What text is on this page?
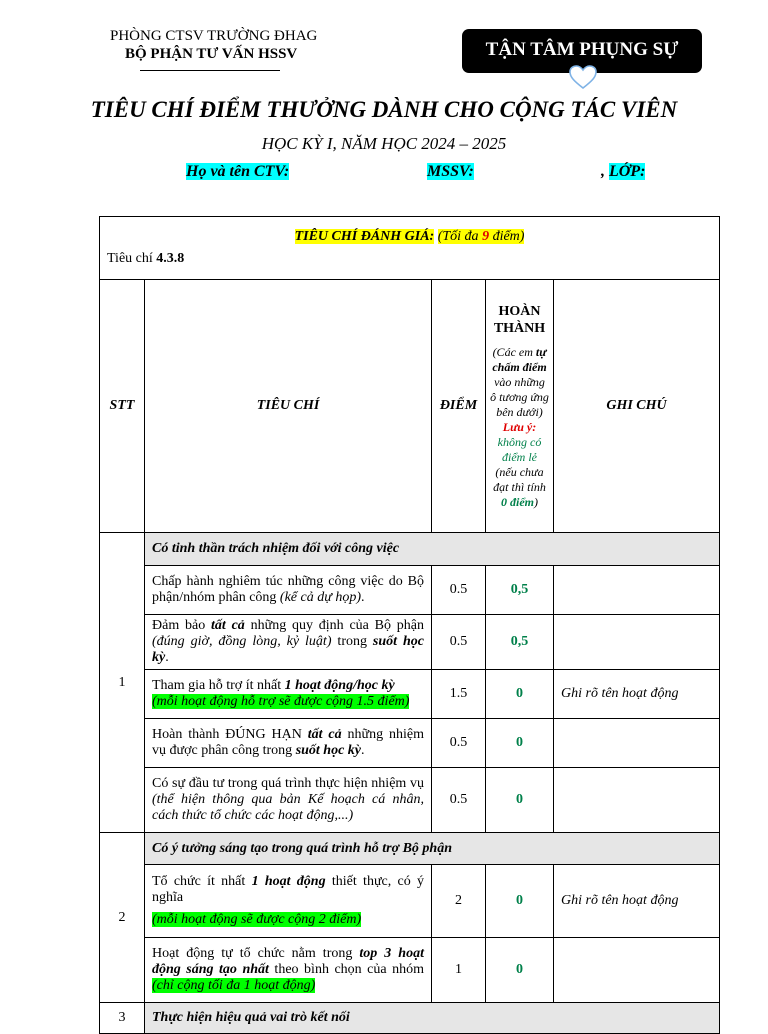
PHÒNG CTSV TRƯỜNG ĐHAG
BỘ PHẬN TƯ VẤN HSSV	TẬN TÂM PHỤNG SỰ
TIÊU CHÍ ĐIỂM THƯỞNG DÀNH CHO CỘNG TÁC VIÊN
HỌC KỲ I, NĂM HỌC 2024 – 2025
Họ và tên CTV:	MSSV:	, LỚP:
TIÊU CHÍ ĐÁNH GIÁ: (Tối đa 9 điểm)
Tiêu chí 4.3.8				

STT	TIÊU CHÍ	ĐIỂM	HOÀN THÀNH
(Các em tự chấm điểm vào những ô tương ứng bên dưới)
Lưu ý:
không có điểm lẻ
(nếu chưa đạt thì tính 0 điểm)	GHI CHÚ
1	Có tinh thần trách nhiệm đối với công việc			
	Chấp hành nghiêm túc những công việc do Bộ phận/nhóm phân công (kể cả dự họp).	0.5	0,5	
	Đảm bảo tất cả những quy định của Bộ phận (đúng giờ, đồng lòng, kỷ luật) trong suốt học kỳ.	0.5	0,5	
	Tham gia hỗ trợ ít nhất 1 hoạt động/học kỳ
(mỗi hoạt động hỗ trợ sẽ được cộng 1.5 điểm)	1.5	0	Ghi rõ tên hoạt động
	Hoàn thành ĐÚNG HẠN tất cả những nhiệm vụ được phân công trong suốt học kỳ.	0.5	0	
	Có sự đầu tư trong quá trình thực hiện nhiệm vụ (thể hiện thông qua bản Kế hoạch cá nhân, cách thức tổ chức các hoạt động,...)	0.5	0	
2	Có ý tưởng sáng tạo trong quá trình hỗ trợ Bộ phận			
	Tổ chức ít nhất 1 hoạt động thiết thực, có ý nghĩa
(mỗi hoạt động sẽ được cộng 2 điểm)	2	0	Ghi rõ tên hoạt động
	Hoạt động tự tổ chức nằm trong top 3 hoạt động sáng tạo nhất theo bình chọn của nhóm (chỉ cộng tối đa 1 hoạt động)	1	0	
3	Thực hiện hiệu quả vai trò kết nối			
